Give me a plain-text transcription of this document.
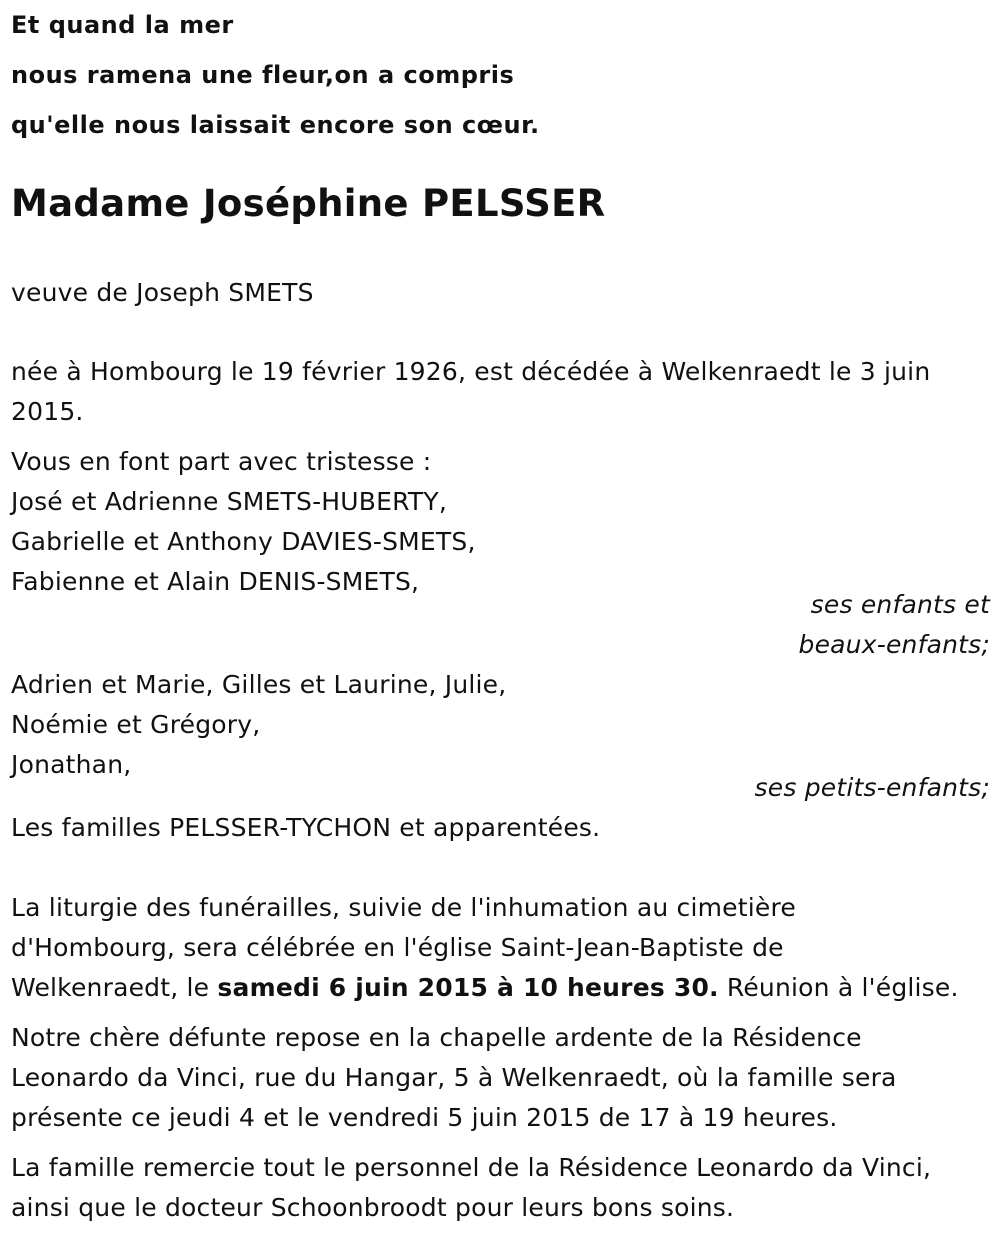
Et quand la mer
nous ramena une fleur,on a compris
qu'elle nous laissait encore son cœur.
Madame Joséphine PELSSER
veuve de Joseph SMETS
née à Hombourg le 19 février 1926, est décédée à Welkenraedt le 3 juin
2015.
Vous en font part avec tristesse :
José et Adrienne SMETS-HUBERTY,
Gabrielle et Anthony DAVIES-SMETS,
Fabienne et Alain DENIS-SMETS,
ses enfants et
beaux-enfants;
Adrien et Marie, Gilles et Laurine, Julie,
Noémie et Grégory,
Jonathan,
ses petits-enfants;
Les familles PELSSER-TYCHON et apparentées.
La liturgie des funérailles, suivie de l'inhumation au cimetière
d'Hombourg, sera célébrée en l'église Saint-Jean-Baptiste de
Welkenraedt, le samedi 6 juin 2015 à 10 heures 30. Réunion à l'église.
Notre chère défunte repose en la chapelle ardente de la Résidence
Leonardo da Vinci, rue du Hangar, 5 à Welkenraedt, où la famille sera
présente ce jeudi 4 et le vendredi 5 juin 2015 de 17 à 19 heures.
La famille remercie tout le personnel de la Résidence Leonardo da Vinci,
ainsi que le docteur Schoonbroodt pour leurs bons soins.
